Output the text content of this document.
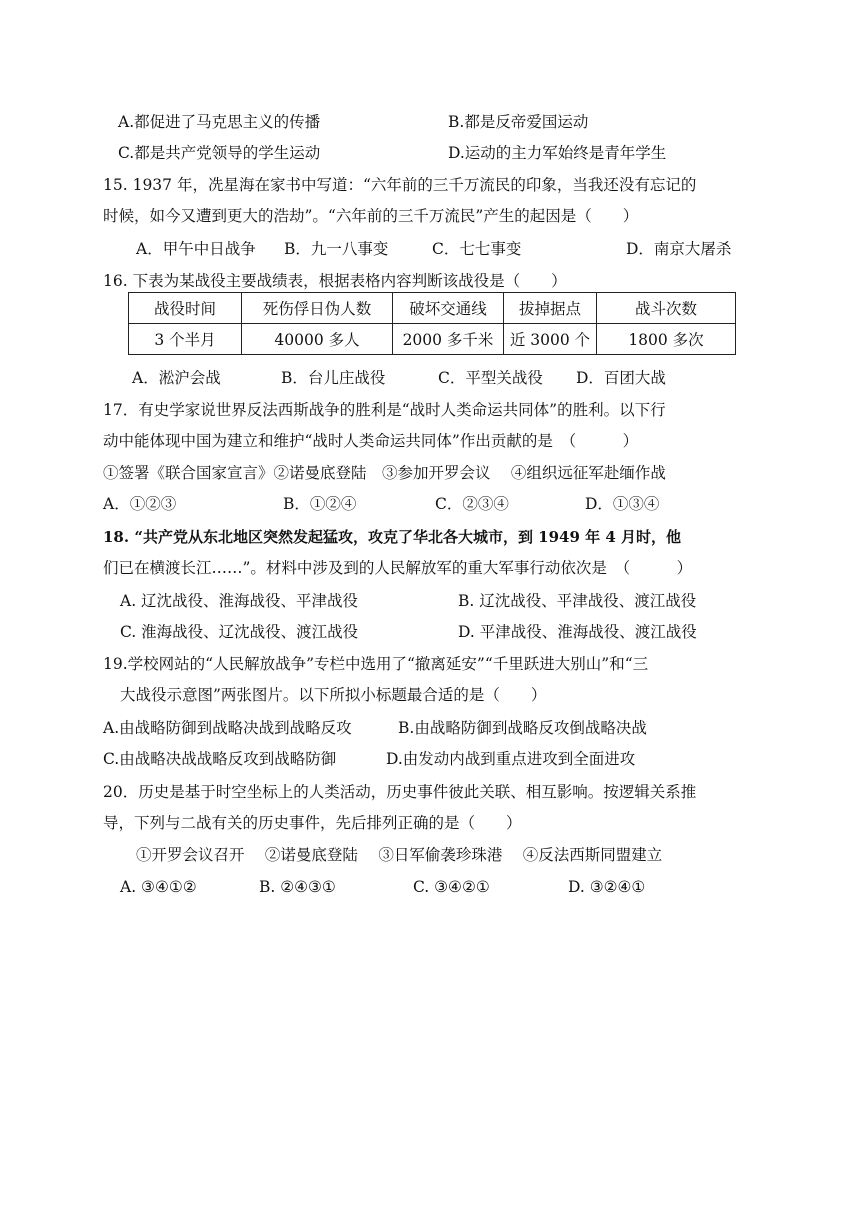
A.都促进了马克思主义的传播	B.都是反帝爱国运动
C.都是共产党领导的学生运动	D.运动的主力军始终是青年学生
15. 1937 年，冼星海在家书中写道：“六年前的三千万流民的印象，当我还没有忘记的
时候，如今又遭到更大的浩劫”。“六年前的三千万流民”产生的起因是（　　）
A．甲午中日战争 B．九一八事变	C．七七事变	D．南京大屠杀
16. 下表为某战役主要战绩表，根据表格内容判断该战役是（　　）
战役时间	死伤俘日伪人数	破坏交通线	拔掉据点	战斗次数
3 个半月	40000 多人	2000 多千米	近 3000 个	1800 多次
A．淞沪会战	B．台儿庄战役	C．平型关战役 D．百团大战
17．有史学家说世界反法西斯战争的胜利是“战时人类命运共同体”的胜利。以下行
动中能体现中国为建立和维护“战时人类命运共同体”作出贡献的是　（　　　）
①签署《联合国家宣言》②诺曼底登陆　③参加开罗会议　 ④组织远征军赴缅作战
A．①②③	B．①②④	C．②③④	D．①③④
18. “共产党从东北地区突然发起猛攻，攻克了华北各大城市，到 1949 年 4 月时，他
们已在横渡长江……”。材料中涉及到的人民解放军的重大军事行动依次是　（　　　）
A. 辽沈战役、淮海战役、平津战役	B. 辽沈战役、平津战役、渡江战役
C. 淮海战役、辽沈战役、渡江战役	D. 平津战役、淮海战役、渡江战役
19.学校网站的“人民解放战争”专栏中选用了“撤离延安”“千里跃进大别山”和“三
大战役示意图”两张图片。以下所拟小标题最合适的是（　　）
A.由战略防御到战略决战到战略反攻	B.由战略防御到战略反攻倒战略决战
C.由战略决战战略反攻到战略防御	D.由发动内战到重点进攻到全面进攻
20．历史是基于时空坐标上的人类活动，历史事件彼此关联、相互影响。按逻辑关系推
导，下列与二战有关的历史事件，先后排列正确的是（　　）
①开罗会议召开　 ②诺曼底登陆　 ③日军偷袭珍珠港　 ④反法西斯同盟建立
A. ③④①②	B. ②④③①	C. ③④②①	D. ③②④①
